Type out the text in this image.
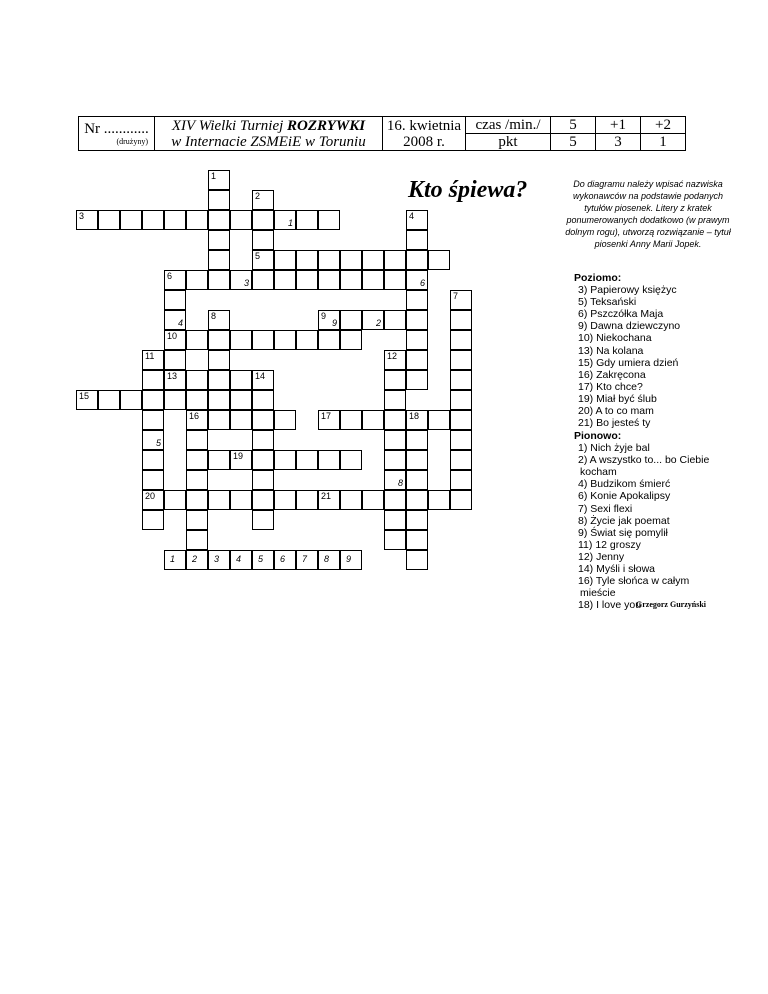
Nr ............
(drużyny)	XIV Wielki Turniej ROZRYWKI
w Internacie ZSMEiE w Toruniu	16. kwietnia
2008 r.	czas /min./	5	+1	+2
			pkt	5	3	1
Kto śpiewa?	Do diagramu należy wpisać nazwiska wykonawców na podstawie podanych tytułów piosenek. Litery z kratek ponumerowanych dodatkowo (w prawym dolnym rogu), utworzą rozwiązanie – tytuł piosenki Anny Marii Jopek.
1
2
3
1
4
5
6
3	6
4
10
13
7
8	9
9	2
11	12
14
15
16	17	18
5
19
8
20	21
1 2 3 4 5 6 7 8 9
Poziomo:
3) Papierowy księżyc
5) Teksański
6) Pszczółka Maja
9) Dawna dziewczyno
10) Niekochana
13) Na kolana
15) Gdy umiera dzień
16) Zakręcona
17) Kto chce?
19) Miał być ślub
20) A to co mam
21) Bo jesteś ty
Pionowo:
1) Nich żyje bal
2) A wszystko to... bo Ciebie kocham
4) Budzikom śmierć
6) Konie Apokalipsy
7) Sexi flexi
8) Życie jak poemat
9) Świat się pomylił
11) 12 groszy
12) Jenny
14) Myśli i słowa
16) Tyle słońca w całym mieście
18) I love you
Grzegorz Gurzyński
